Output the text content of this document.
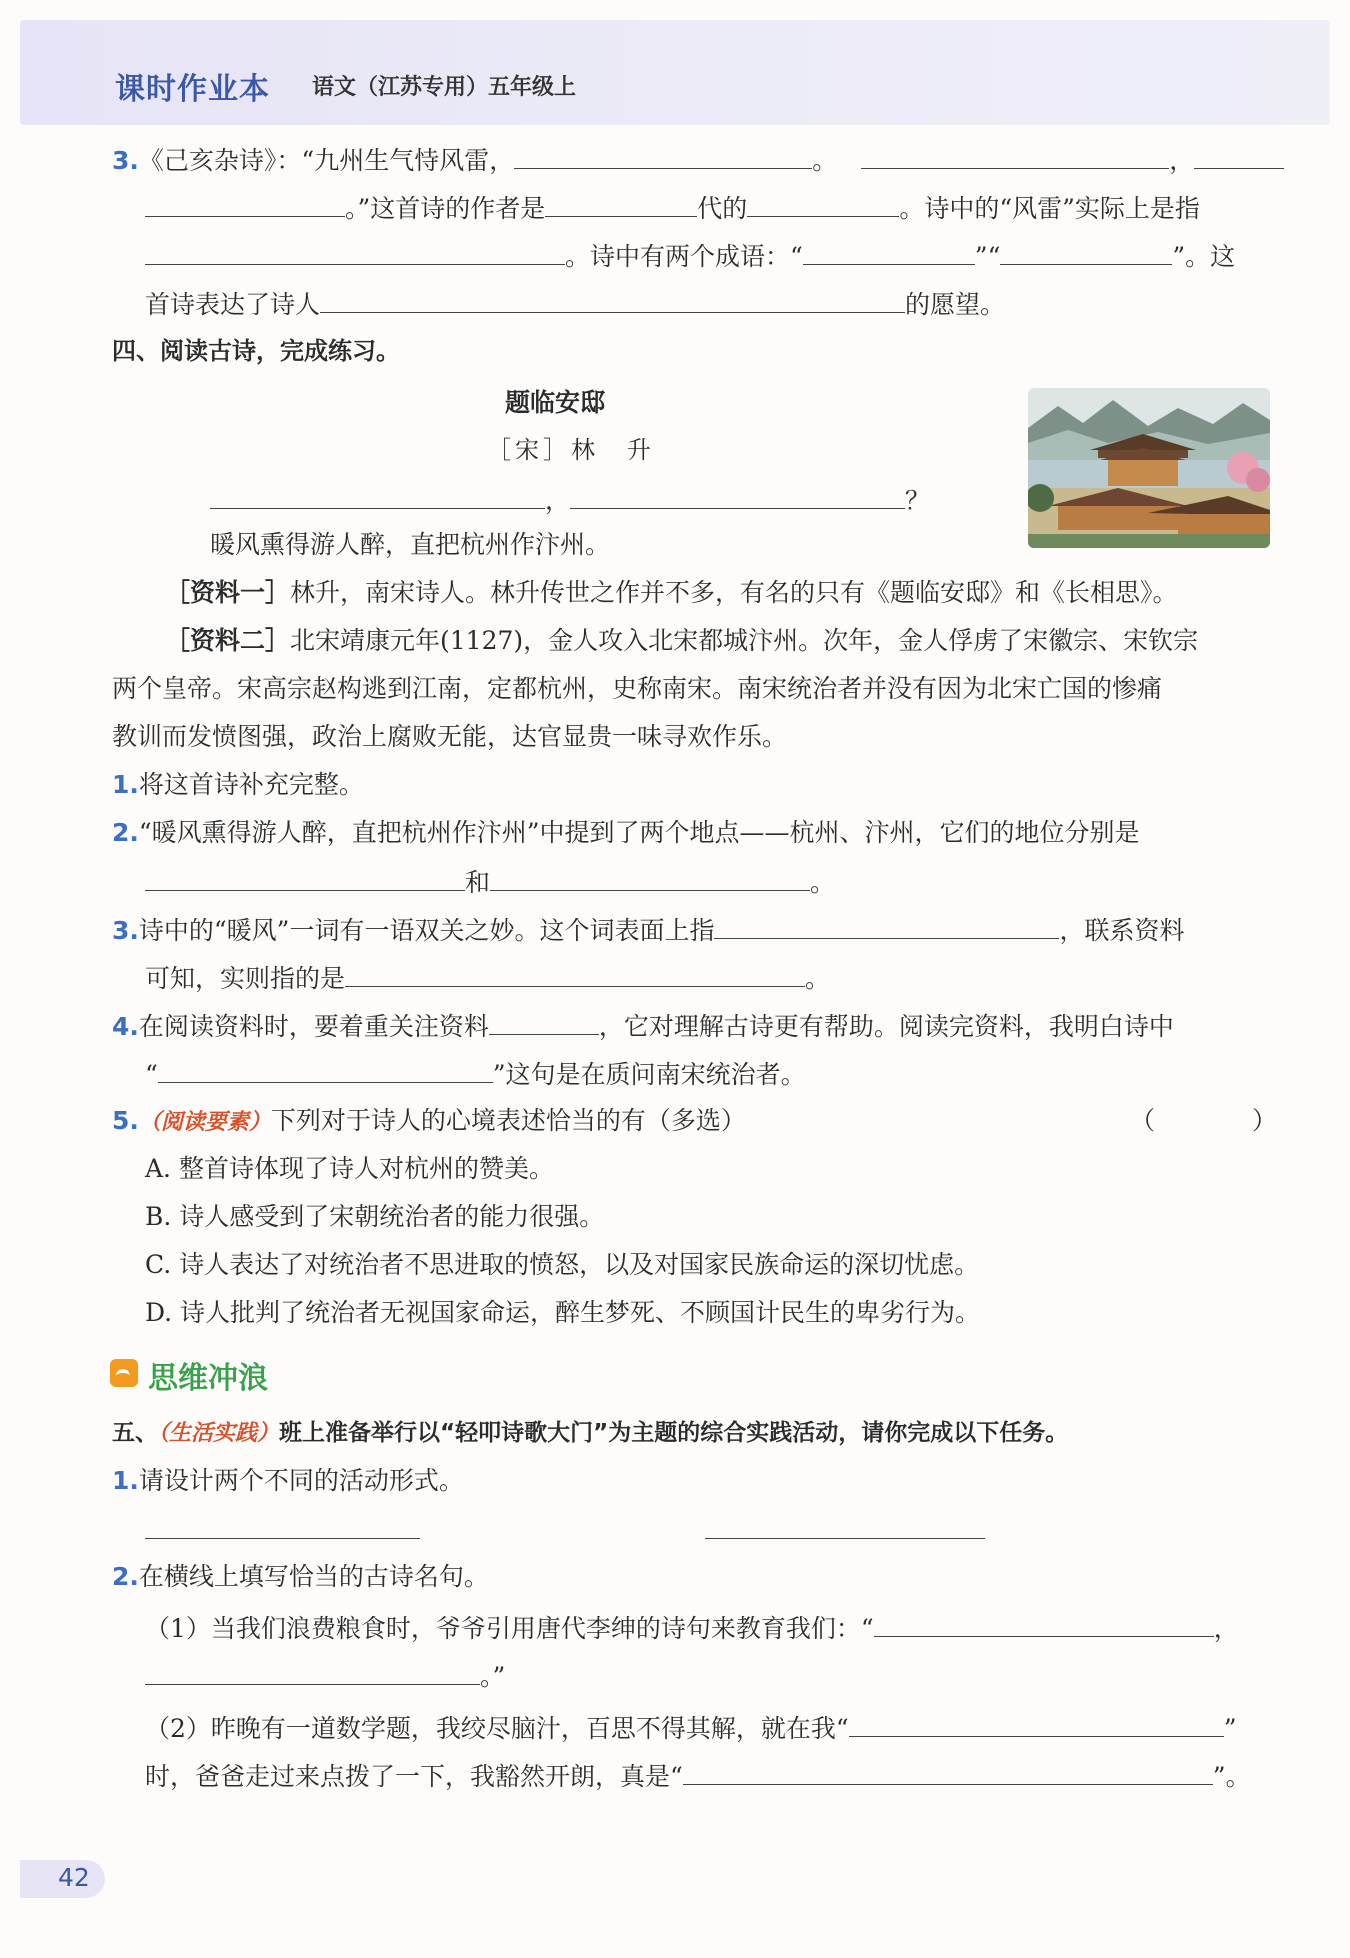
课时作业本 语文（江苏专用）五年级上
3.《己亥杂诗》：“九州生气恃风雷，	。	，
。”这首诗的作者是	代的	。诗中的“风雷”实际上是指
。诗中有两个成语：“	”“	”。这
首诗表达了诗人	的愿望。
四、阅读古诗，完成练习。
题临安邸
［宋］林　升
，	？
暖风熏得游人醉，直把杭州作汴州。
［资料一］林升，南宋诗人。林升传世之作并不多，有名的只有《题临安邸》和《长相思》。
［资料二］北宋靖康元年(1127)，金人攻入北宋都城汴州。次年，金人俘虏了宋徽宗、宋钦宗
两个皇帝。宋高宗赵构逃到江南，定都杭州，史称南宋。南宋统治者并没有因为北宋亡国的惨痛
教训而发愤图强，政治上腐败无能，达官显贵一味寻欢作乐。
1.将这首诗补充完整。
2.“暖风熏得游人醉，直把杭州作汴州”中提到了两个地点——杭州、汴州，它们的地位分别是
和	。
3.诗中的“暖风”一词有一语双关之妙。这个词表面上指	，联系资料
可知，实则指的是	。
4.在阅读资料时，要着重关注资料	，它对理解古诗更有帮助。阅读完资料，我明白诗中
“	”这句是在质问南宋统治者。
5.（阅读要素）下列对于诗人的心境表述恰当的有（多选）	（	）
A. 整首诗体现了诗人对杭州的赞美。
B. 诗人感受到了宋朝统治者的能力很强。
C. 诗人表达了对统治者不思进取的愤怒，以及对国家民族命运的深切忧虑。
D. 诗人批判了统治者无视国家命运，醉生梦死、不顾国计民生的卑劣行为。
思维冲浪
五、（生活实践）班上准备举行以“轻叩诗歌大门”为主题的综合实践活动，请你完成以下任务。
1.请设计两个不同的活动形式。
2.在横线上填写恰当的古诗名句。
（1）当我们浪费粮食时，爷爷引用唐代李绅的诗句来教育我们：“	，
。”
（2）昨晚有一道数学题，我绞尽脑汁，百思不得其解，就在我“	”
时，爸爸走过来点拨了一下，我豁然开朗，真是“	”。
42
